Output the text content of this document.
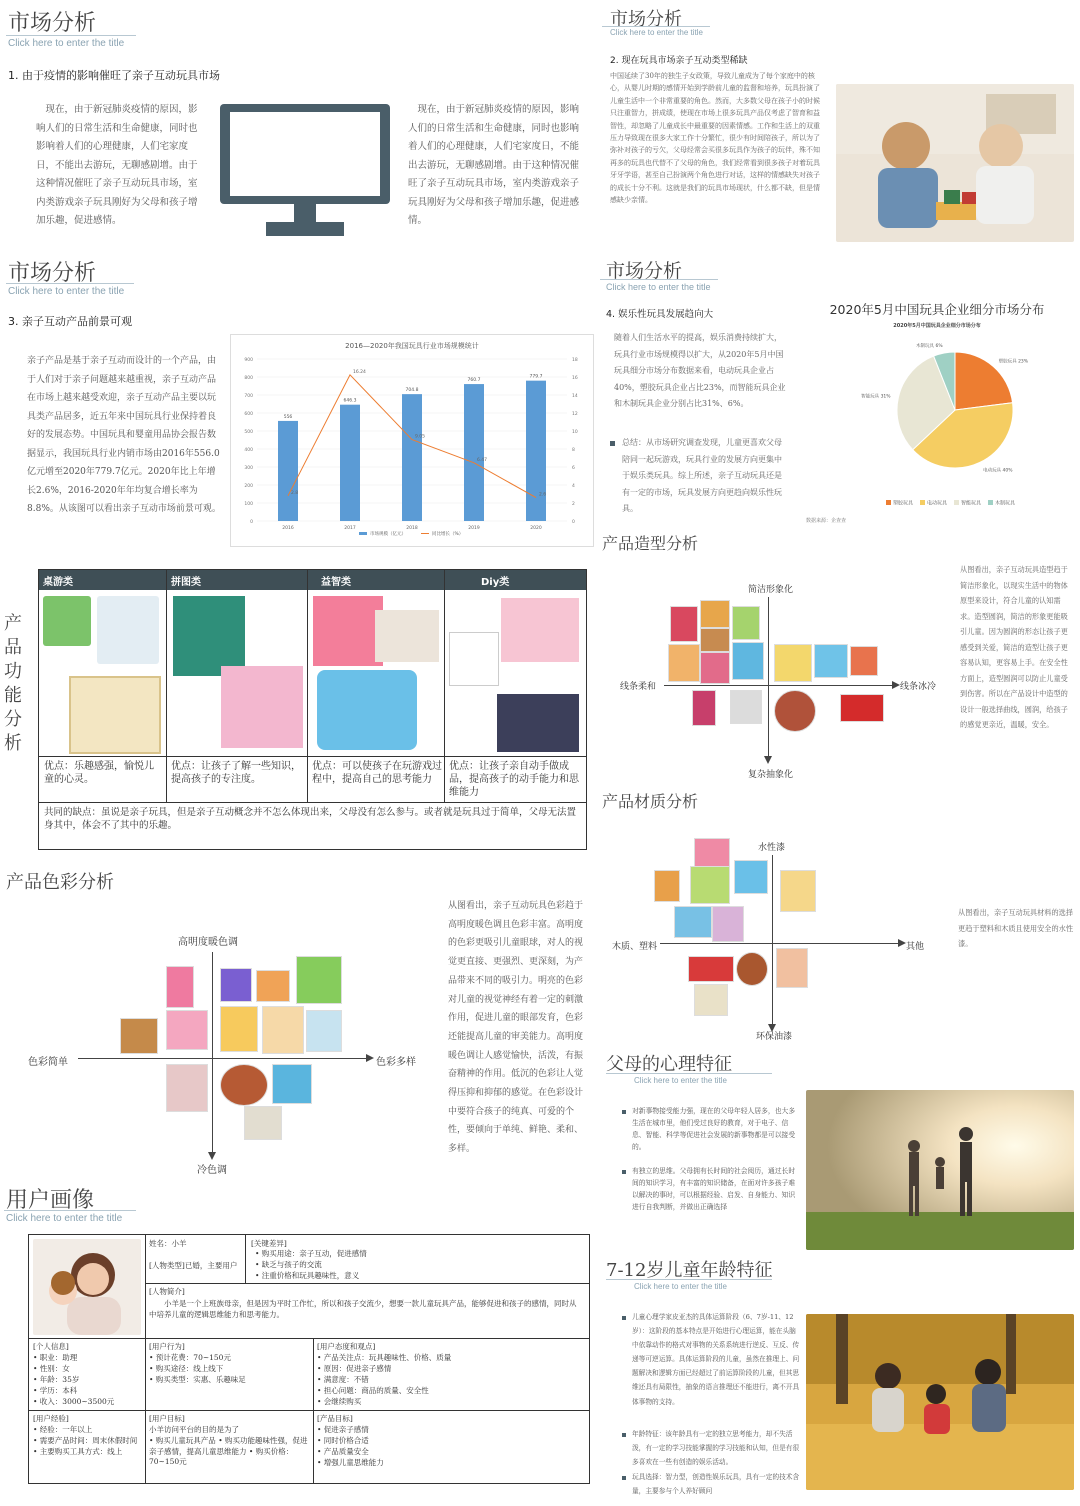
市场分析
Click here to enter the title
1. 由于疫情的影响催旺了亲子互动玩具市场
现在，由于新冠肺炎疫情的原因，影响人们的日常生活和生命健康，同时也影响着人们的心理健康，人们宅家度日，不能出去游玩，无聊感剧增。由于这种情况催旺了亲子互动玩具市场，室内类游戏亲子玩具刚好为父母和孩子增加乐趣，促进感情。
现在，由于新冠肺炎疫情的原因，影响人们的日常生活和生命健康，同时也影响着人们的心理健康，人们宅家度日，不能出去游玩，无聊感剧增。由于这种情况催旺了亲子互动玩具市场，室内类游戏亲子玩具刚好为父母和孩子增加乐趣，促进感情。
市场分析
Click here to enter the title
2. 现在玩具市场亲子互动类型稀缺
中国延续了30年的独生子女政策，导致儿童成为了每个家庭中的核心，从婴儿时期的感情开始到学龄前儿童的监督和培养，玩具扮演了儿童生活中一个非常重要的角色。然而，大多数父母在孩子小的时候只注重智力，拼成绩，使现在市场上很多玩具产品仅考虑了智育和益智性，却忽略了儿童成长中最重要的因素情感。工作和生活上的双重压力导致现在很多大家工作十分繁忙，很少有时间陪孩子，所以为了弥补对孩子的亏欠，父母经常会买很多玩具作为孩子的玩伴，殊不知再多的玩具也代替不了父母的角色，我们经常看到很多孩子对着玩具牙牙学语，甚至自己扮演两个角色进行对话，这样的情感缺失对孩子的成长十分不利。这就是我们的玩具市场现状，什么都不缺，但是情感缺少亲情。
市场分析
Click here to enter the title
3. 亲子互动产品前景可观
亲子产品是基于亲子互动而设计的一个产品，由于人们对于亲子问题越来越重视，亲子互动产品在市场上越来越受欢迎，亲子互动产品主要以玩具类产品居多，近五年来中国玩具行业保持着良好的发展态势。中国玩具和婴童用品协会报告数据显示，我国玩具行业内销市场由2016年556.0亿元增至2020年779.7亿元。2020年比上年增长2.6%，2016-2020年年均复合增长率为8.8%。从该图可以看出亲子互动市场前景可观。
2016—2020年我国玩具行业市场规模统计
0
100
200
300
400
500
600
700
800
900
0
2
4
6
8
10
12
14
16
18
556
2016
646.3
2017
704.8
2018
760.7
2019
779.7
2020
2.8
16.24
9.05
6.47
2.6
市场规模（亿元）	同比增长（%）
市场分析
Click here to enter the title
4. 娱乐性玩具发展趋向大
随着人们生活水平的提高，娱乐消费持续扩大，玩具行业市场规模得以扩大，从2020年5月中国玩具细分市场分布数据来看，电动玩具企业占40%，塑胶玩具企业占比23%，而智能玩具企业和木制玩具企业分别占比31%、6%。
总结：从市场研究调查发现，儿童更喜欢父母陪同一起玩游戏，玩具行业的发展方向更集中于娱乐类玩具。综上所述，亲子互动玩具还是有一定的市场，玩具发展方向更趋向娱乐性玩具。
2020年5月中国玩具企业细分市场分布
2020年5月中国玩具企业细分市场分布
塑胶玩具 23%
电动玩具 40%
智能玩具 31%
木制玩具 6%
塑胶玩具	电动玩具	智能玩具	木制玩具
数据来源：企查查
产品造型分析
简洁形象化
复杂抽象化
线条柔和	线条冰冷
从图看出，亲子互动玩具造型趋于简洁形象化，以现实生活中的物体原型来设计，符合儿童的认知需求。造型圆润，简洁的形象更能吸引儿童。因为圆润的形态让孩子更感受到关爱，简洁的造型让孩子更容易认知，更容易上手。在安全性方面上，造型圆润可以防止儿童受到伤害。所以在产品设计中造型的设计一般选择曲线，圆润，给孩子的感觉更亲近，温暖，安全。
产品功能分析
桌游类	拼图类	益智类	Diy类
优点：乐趣感强，愉悦儿童的心灵。
优点：让孩子了解一些知识，提高孩子的专注度。
优点：可以使孩子在玩游戏过程中，提高自己的思考能力
优点：让孩子亲自动手做成品，提高孩子的动手能力和思维能力
共同的缺点：虽说是亲子玩具，但是亲子互动概念并不怎么体现出来，父母没有怎么参与。或者就是玩具过于简单，父母无法置身其中，体会不了其中的乐趣。
产品材质分析
水性漆
环保油漆
木质、塑料	其他
从图看出，亲子互动玩具材料的选择更趋于塑料和木质且使用安全的水性漆。
产品色彩分析
高明度暖色调
冷色调
色彩简单	色彩多样
从图看出，亲子互动玩具色彩趋于高明度暖色调且色彩丰富。高明度的色彩更吸引儿童眼球，对人的视觉更直接、更强烈、更深刻，为产品带来不同的吸引力。明亮的色彩对儿童的视觉神经有着一定的刺激作用，促进儿童的眼部发育，色彩还能提高儿童的审美能力。高明度暖色调让人感觉愉快，活泼，有振奋精神的作用。低沉的色彩让人觉得压抑和抑郁的感觉。在色彩设计中要符合孩子的纯真、可爱的个性，要倾向于单纯、鲜艳、柔和、多样。
父母的心理特征
Click here to enter the title
对新事物接受能力强，现在的父母年轻人居多，也大多生活在城市里，他们受过良好的教育，对于电子、信息、智能、科学等促进社会发展的新事物都是可以接受的。
有独立的思维。父母拥有长时间的社会阅历，通过长时间的知识学习，有丰富的知识储备，在面对许多孩子难以解决的事时，可以根据经验、启发、自身能力、知识进行自我判断，并做出正确选择
7-12岁儿童年龄特征
Click here to enter the title
儿童心理学家皮亚杰的具体运算阶段（6、7岁-11、12岁）：这阶段的基本特点是开始进行心理运算，能在头脑中依靠动作的格式对事物的关系系统进行逆反、互反、传递等可逆运算。具体运算阶段的儿童，虽然在推理上、问题解决和逻辑方面已经超过了前运算阶段的儿童，但其思维还具有局限性，抽象的语言推理还不能进行，离不开具体事物的支持。
年龄特征：该年龄具有一定的独立思考能力，却不失活泼，有一定的学习技能掌握的学习技能和认知，但是有很多喜欢在一些有创造的娱乐活动。
玩具选择：智力型，创造性娱乐玩具，具有一定的技术含量，主要参与个人养好顾问
用户画像
Click here to enter the title
姓名：小羊
[人物类型]已婚，主要用户
[关键差异]
• 购买用途：亲子互动，促进感情
• 缺乏与孩子的交流
• 注重价格和玩具趣味性，意义
[人物简介]
小羊是一个上班族母亲，但是因为平时工作忙，所以和孩子交流少，想要一款儿童玩具产品，能够促进和孩子的感情，同时从中培养儿童的逻辑思维能力和思考能力。
[个人信息]
• 职业：助理
• 性别：女
• 年龄：35岁
• 学历：本科
• 收入：3000~3500元
[用户行为]
• 预计花费：70~150元
• 购买途径：线上线下
• 购买类型：实惠、乐趣味足
[用户态度和观点]
• 产品关注点：玩具趣味性、价格、质量
• 原因：促进亲子感情
• 满意度：不错
• 担心问题：商品的质量、安全性
• 会继续购买
[用户经验]
• 经验：一年以上
• 需要产品时间：周末休假时间 • 主要购买工具方式：线上
[用户目标]
小羊访问平台的目的是为了
• 购买儿童玩具产品 • 购买功能趣味性强，促进亲子感情，提高儿童思维能力 • 购买价格：70~150元
[产品目标]
• 促进亲子感情
• 同时价格合适
• 产品质量安全
• 增强儿童思维能力
